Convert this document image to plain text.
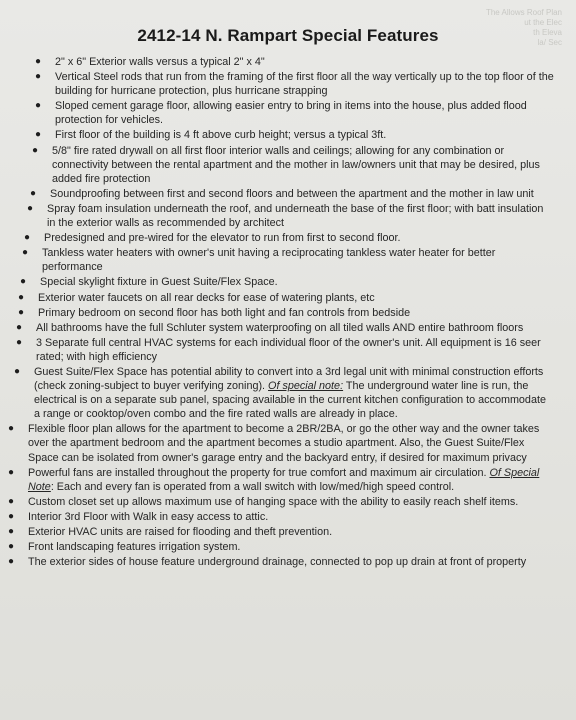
The Allows Roof Plan
ut the Elec
th Eleva
la/ Sec
2412-14 N. Rampart Special Features
● 2" x 6" Exterior walls versus a typical 2" x 4"
● Vertical Steel rods that run from the framing of the first floor all the way vertically up to the top floor of the building for hurricane protection, plus hurricane strapping
● Sloped cement garage floor, allowing easier entry to bring in items into the house, plus added flood protection for vehicles.
● First floor of the building is 4 ft above curb height; versus a typical 3ft.
● 5/8" fire rated drywall on all first floor interior walls and ceilings; allowing for any combination or connectivity between the rental apartment and the mother in law/owners unit that may be desired, plus added fire protection
● Soundproofing between first and second floors and between the apartment and the mother in law unit
● Spray foam insulation underneath the roof, and underneath the base of the first floor; with batt insulation in the exterior walls as recommended by architect
● Predesigned and pre-wired for the elevator to run from first to second floor.
● Tankless water heaters with owner's unit having a reciprocating tankless water heater for better performance
● Special skylight fixture in Guest Suite/Flex Space.
● Exterior water faucets on all rear decks for ease of watering plants, etc
● Primary bedroom on second floor has both light and fan controls from bedside
● All bathrooms have the full Schluter system waterproofing on all tiled walls AND entire bathroom floors
● 3 Separate full central HVAC systems for each individual floor of the owner's unit. All equipment is 16 seer rated; with high efficiency
● Guest Suite/Flex Space has potential ability to convert into a 3rd legal unit with minimal construction efforts (check zoning-subject to buyer verifying zoning). Of special note: The underground water line is run, the electrical is on a separate sub panel, spacing available in the current kitchen configuration to accommodate a range or cooktop/oven combo and the fire rated walls are already in place.
● Flexible floor plan allows for the apartment to become a 2BR/2BA, or go the other way and the owner takes over the apartment bedroom and the apartment becomes a studio apartment. Also, the Guest Suite/Flex Space can be isolated from owner's garage entry and the backyard entry, if desired for maximum privacy
● Powerful fans are installed throughout the property for true comfort and maximum air circulation. Of Special Note: Each and every fan is operated from a wall switch with low/med/high speed control.
● Custom closet set up allows maximum use of hanging space with the ability to easily reach shelf items.
● Interior 3rd Floor with Walk in easy access to attic.
● Exterior HVAC units are raised for flooding and theft prevention.
● Front landscaping features irrigation system.
● The exterior sides of house feature underground drainage, connected to pop up drain at front of property
